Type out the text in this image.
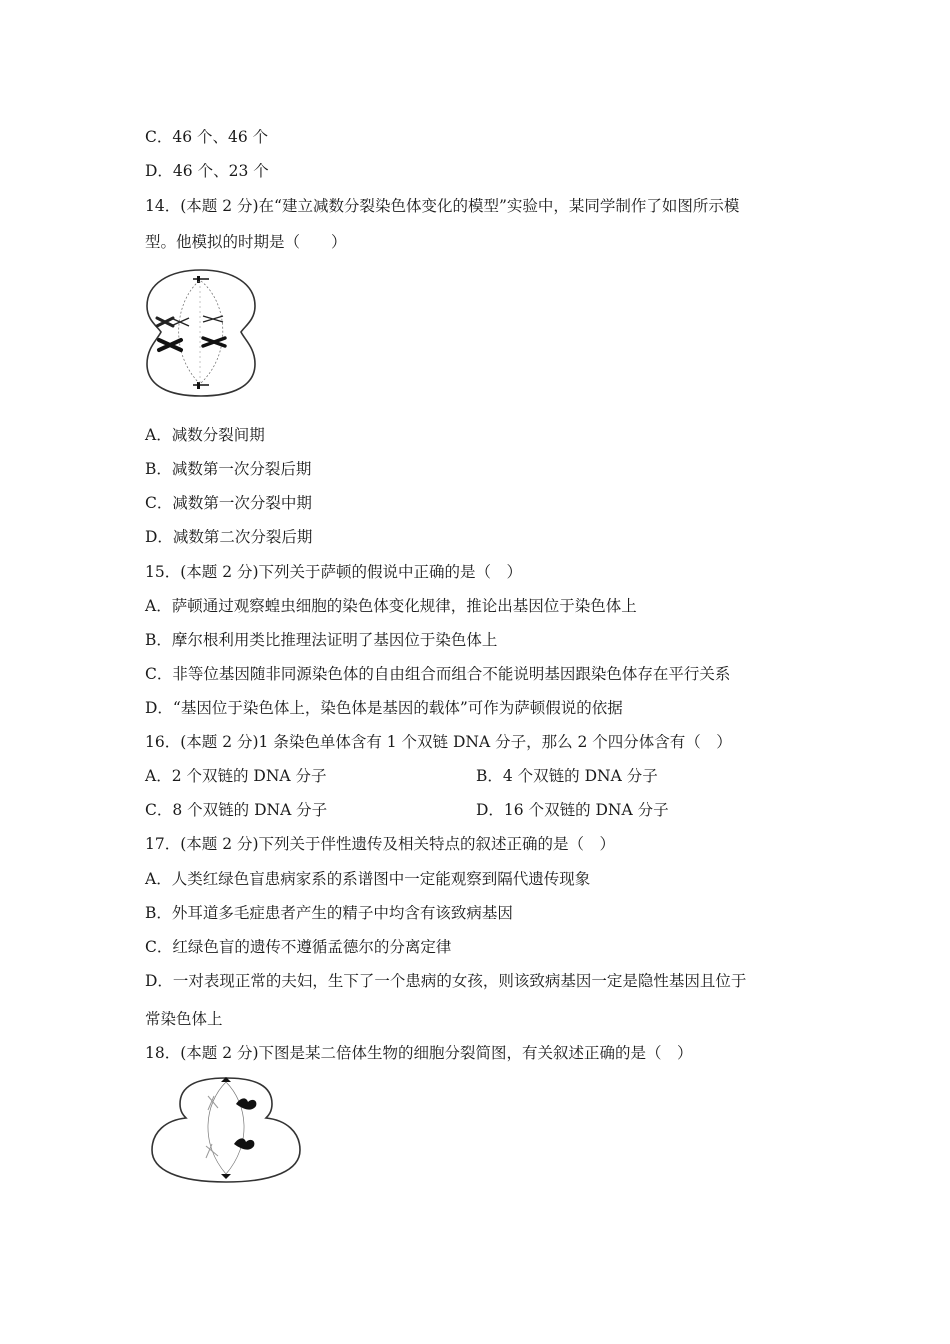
C．46 个、46 个
D．46 个、23 个
14．(本题 2 分)在“建立减数分裂染色体变化的模型”实验中，某同学制作了如图所示模
型。他模拟的时期是（　　）
A．减数分裂间期
B．减数第一次分裂后期
C．减数第一次分裂中期
D．减数第二次分裂后期
15．(本题 2 分)下列关于萨顿的假说中正确的是（　）
A．萨顿通过观察蝗虫细胞的染色体变化规律，推论出基因位于染色体上
B．摩尔根利用类比推理法证明了基因位于染色体上
C．非等位基因随非同源染色体的自由组合而组合不能说明基因跟染色体存在平行关系
D．“基因位于染色体上，染色体是基因的载体”可作为萨顿假说的依据
16．(本题 2 分)1 条染色单体含有 1 个双链 DNA 分子，那么 2 个四分体含有（　）
A．2 个双链的 DNA 分子	B．4 个双链的 DNA 分子
C．8 个双链的 DNA 分子	D．16 个双链的 DNA 分子
17．(本题 2 分)下列关于伴性遗传及相关特点的叙述正确的是（　）
A．人类红绿色盲患病家系的系谱图中一定能观察到隔代遗传现象
B．外耳道多毛症患者产生的精子中均含有该致病基因
C．红绿色盲的遗传不遵循孟德尔的分离定律
D．一对表现正常的夫妇，生下了一个患病的女孩，则该致病基因一定是隐性基因且位于
常染色体上
18．(本题 2 分)下图是某二倍体生物的细胞分裂简图，有关叙述正确的是（　）
